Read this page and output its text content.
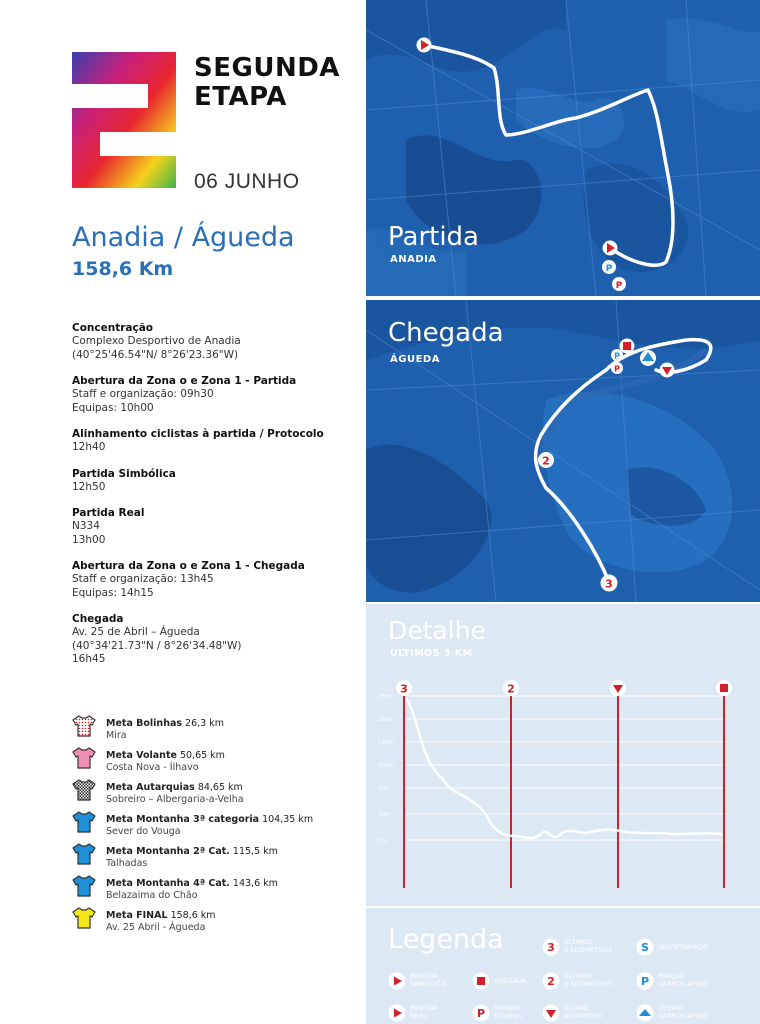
SEGUNDA
ETAPA
06 JUNHO
Anadia / Águeda
158,6 Km
Concentração
Complexo Desportivo de Anadia
(40°25'46.54"N/ 8°26'23.36"W)
Abertura da Zona o e Zona 1 - Partida
Staff e organização: 09h30
Equipas: 10h00
Alinhamento ciclistas à partida / Protocolo
12h40
Partida Simbólica
12h50
Partida Real
N334
13h00
Abertura da Zona o e Zona 1 - Chegada
Staff e organização: 13h45
Equipas: 14h15
Chegada
Av. 25 de Abril – Águeda
(40°34'21.73"N / 8°26'34.48"W)
16h45
Meta Bolinhas 26,3 km
Mira
Meta Volante 50,65 km
Costa Nova - Ílhavo
Meta Autarquias 84,65 km
Sobreiro – Albergaria-a-Velha
Meta Montanha 3ª categoria 104,35 km
Sever do Vouga
Meta Montanha 2ª Cat. 115,5 km
Talhadas
Meta Montanha 4ª Cat. 143,6 km
Belazaima do Chão
Meta FINAL 158,6 km
Av. 25 Abril - Águeda
P
P
Partida
ANADIA
2
3
P
P
Chegada
ÁGUEDA
Detalhe
ÚLTIMOS 3 KM
250m
200m
150m
100m
50m
10m
5m
3	2
Legenda
PARTIDA
SIMBÓLICA	CHEGADA
PARTIDA
REAL	P PARQUE
EQUIPAS
3 ÚLTIMOS
3 KILÓMETROS
2 ÚLTIMOS
2 KILÓMETROS
ÚLTIMO
KILÓMETRO
S SECRETARIADO
P PARQUE
CARROS APOIO
DESVIO
CARROS APOIO
